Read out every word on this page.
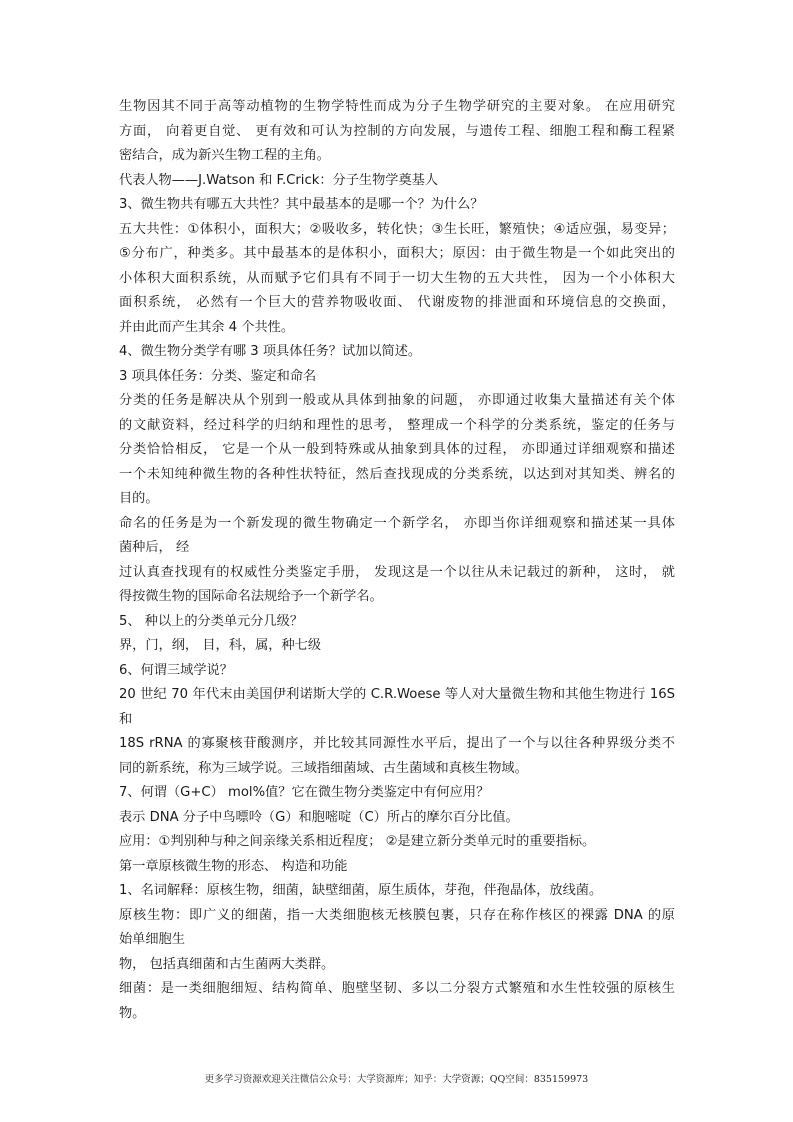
生物因其不同于高等动植物的生物学特性而成为分子生物学研究的主要对象。 在应用研究
方面， 向着更自觉、 更有效和可认为控制的方向发展，与遗传工程、细胞工程和酶工程紧
密结合，成为新兴生物工程的主角。
代表人物——J.Watson 和 F.Crick：分子生物学奠基人
3、微生物共有哪五大共性？其中最基本的是哪一个？为什么？
五大共性：①体积小，面积大；②吸收多，转化快；③生长旺，繁殖快；④适应强，易变异；
⑤分布广，种类多。其中最基本的是体积小，面积大；原因：由于微生物是一个如此突出的
小体积大面积系统，从而赋予它们具有不同于一切大生物的五大共性， 因为一个小体积大
面积系统， 必然有一个巨大的营养物吸收面、 代谢废物的排泄面和环境信息的交换面，
并由此而产生其余 4 个共性。
4、微生物分类学有哪 3 项具体任务？试加以简述。
3 项具体任务：分类、鉴定和命名
分类的任务是解决从个别到一般或从具体到抽象的问题， 亦即通过收集大量描述有关个体
的文献资料，经过科学的归纳和理性的思考， 整理成一个科学的分类系统，鉴定的任务与
分类恰恰相反， 它是一个从一般到特殊或从抽象到具体的过程， 亦即通过详细观察和描述
一个未知纯种微生物的各种性状特征，然后查找现成的分类系统，以达到对其知类、辨名的
目的。
命名的任务是为一个新发现的微生物确定一个新学名， 亦即当你详细观察和描述某一具体
菌种后， 经
过认真查找现有的权威性分类鉴定手册， 发现这是一个以往从未记载过的新种， 这时， 就
得按微生物的国际命名法规给予一个新学名。
5、 种以上的分类单元分几级？
界，门，纲， 目，科，属，种七级
6、何谓三域学说？
20 世纪 70 年代末由美国伊利诺斯大学的 C.R.Woese 等人对大量微生物和其他生物进行 16S
和
18S rRNA 的寡聚核苷酸测序，并比较其同源性水平后，提出了一个与以往各种界级分类不
同的新系统，称为三域学说。三域指细菌域、古生菌域和真核生物域。
7、何谓（G+C） mol%值？它在微生物分类鉴定中有何应用？
表示 DNA 分子中鸟嘌呤（G）和胞嘧啶（C）所占的摩尔百分比值。
应用：①判别种与种之间亲缘关系相近程度； ②是建立新分类单元时的重要指标。
第一章原核微生物的形态、 构造和功能
1、名词解释：原核生物，细菌，缺壁细菌，原生质体，芽孢，伴孢晶体，放线菌。
原核生物：即广义的细菌，指一大类细胞核无核膜包裹，只存在称作核区的裸露 DNA 的原
始单细胞生
物， 包括真细菌和古生菌两大类群。
细菌：是一类细胞细短、结构简单、胞壁坚韧、多以二分裂方式繁殖和水生性较强的原核生
物。
更多学习资源欢迎关注微信公众号：大学资源库；知乎：大学资源；QQ空间：835159973
